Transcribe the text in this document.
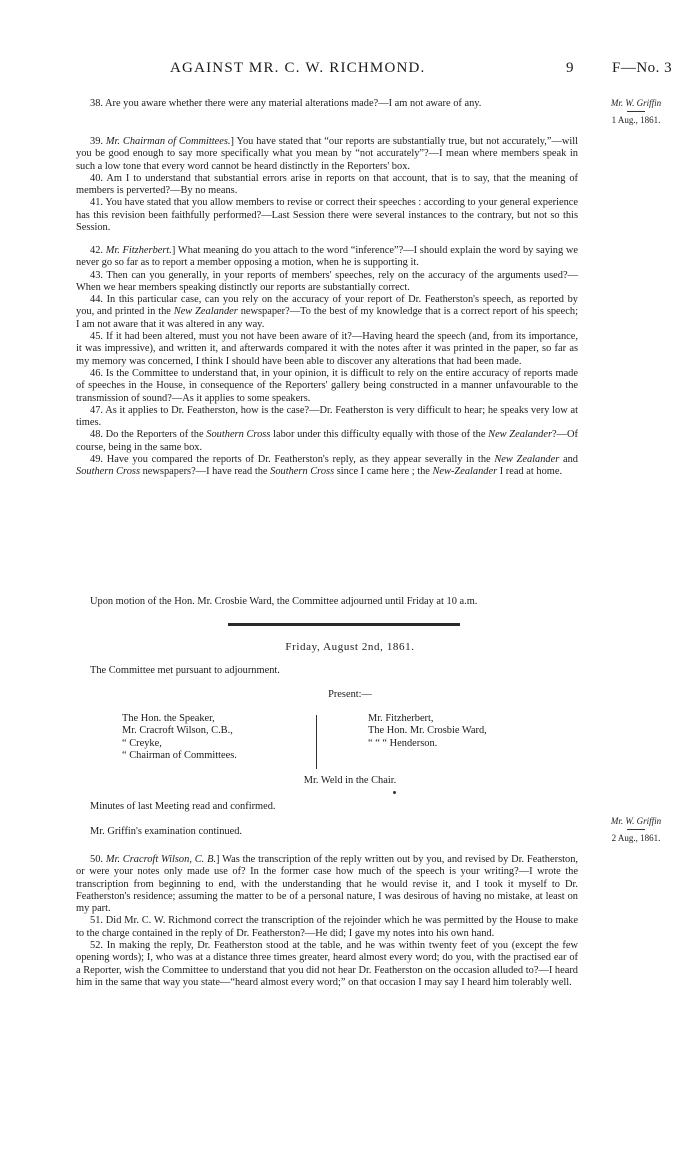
AGAINST MR. C. W. RICHMOND.	9	F—No. 3
Mr. W. Griffin
1 Aug., 1861.

38. Are you aware whether there were any material alterations made?—I am not aware of any.

39. Mr. Chairman of Committees.] You have stated that “our reports are substantially true, but not accurately,”—will you be good enough to say more specifically what you mean by “not accurately”?—I mean where members speak in such a low tone that every word cannot be heard distinctly in the Reporters' box.

40. Am I to understand that substantial errors arise in reports on that account, that is to say, that the meaning of members is perverted?—By no means.

41. You have stated that you allow members to revise or correct their speeches : according to your general experience has this revision been faithfully performed?—Last Session there were several instances to the contrary, but not so this Session.

42. Mr. Fitzherbert.] What meaning do you attach to the word “inference”?—I should explain the word by saying we never go so far as to report a member opposing a motion, when he is supporting it.

43. Then can you generally, in your reports of members' speeches, rely on the accuracy of the arguments used?—When we hear members speaking distinctly our reports are substantially correct.

44. In this particular case, can you rely on the accuracy of your report of Dr. Featherston's speech, as reported by you, and printed in the New Zealander newspaper?—To the best of my knowledge that is a correct report of his speech; I am not aware that it was altered in any way.

45. If it had been altered, must you not have been aware of it?—Having heard the speech (and, from its importance, it was impressive), and written it, and afterwards compared it with the notes after it was printed in the paper, so far as my memory was concerned, I think I should have been able to discover any alterations that had been made.

46. Is the Committee to understand that, in your opinion, it is difficult to rely on the entire accuracy of reports made of speeches in the House, in consequence of the Reporters' gallery being constructed in a manner unfavourable to the transmission of sound?—As it applies to some speakers.

47. As it applies to Dr. Featherston, how is the case?—Dr. Featherston is very difficult to hear; he speaks very low at times.

48. Do the Reporters of the Southern Cross labor under this difficulty equally with those of the New Zealander?—Of course, being in the same box.

49. Have you compared the reports of Dr. Featherston's reply, as they appear severally in the New Zealander and Southern Cross newspapers?—I have read the Southern Cross since I came here ; the New-Zealander I read at home.

Upon motion of the Hon. Mr. Crosbie Ward, the Committee adjourned until Friday at 10 a.m.

Friday, August 2nd, 1861.

The Committee met pursuant to adjournment.

Present:—
The Hon. the Speaker,
Mr. Cracroft Wilson, C.B.,
“ Creyke,
“ Chairman of Committees.
Mr. Fitzherbert,
The Hon. Mr. Crosbie Ward,
“ “ “ Henderson.
Mr. Weld in the Chair.

Minutes of last Meeting read and confirmed.

Mr. W. Griffin
2 Aug., 1861.

Mr. Griffin's examination continued.

50. Mr. Cracroft Wilson, C. B.] Was the transcription of the reply written out by you, and revised by Dr. Featherston, or were your notes only made use of? In the former case how much of the speech is your writing?—I wrote the transcription from beginning to end, with the understanding that he would revise it, and I took it myself to Dr. Featherston's residence; assuming the matter to be of a personal nature, I was desirous of having no mistake, at least on my part.

51. Did Mr. C. W. Richmond correct the transcription of the rejoinder which he was permitted by the House to make to the charge contained in the reply of Dr. Featherston?—He did; I gave my notes into his own hand.

52. In making the reply, Dr. Featherston stood at the table, and he was within twenty feet of you (except the few opening words); I, who was at a distance three times greater, heard almost every word; do you, with the practised ear of a Reporter, wish the Committee to understand that you did not hear Dr. Featherston on the occasion alluded to?—I heard him in the same that way you state—“heard almost every word;” on that occasion I may say I heard him tolerably well.
